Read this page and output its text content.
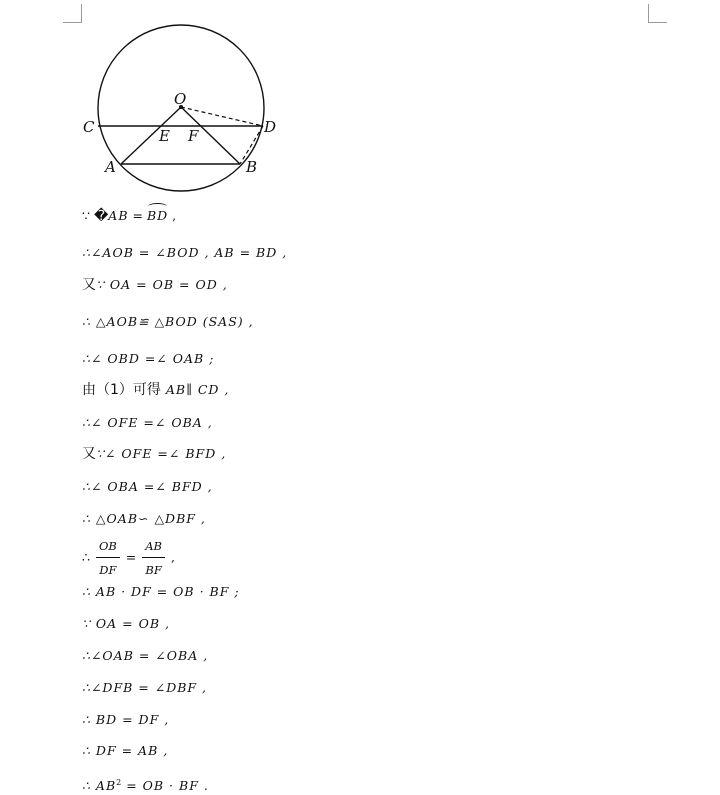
O
C	D
E F
A	B
∵ �AB = BD ,
∴∠AOB = ∠BOD , AB = BD ,
又∵ OA = OB = OD ,
∴ △AOB≌ △BOD (SAS) ,
∴∠ OBD =∠ OAB ;
由（1）可得 AB∥ CD ,
∴∠ OFE =∠ OBA ,
又∵∠ OFE =∠ BFD ,
∴∠ OBA =∠ BFD ,
∴ △OAB∽ △DBF ,
∴ $\frac{OB}{DF} = \frac{AB}{BF}$ ,
∴ AB · DF = OB · BF ;
∵ OA = OB ,
∴∠OAB = ∠OBA ,
∴∠DFB = ∠DBF ,
∴ BD = DF ,
∴ DF = AB ,
∴ $AB^2$ = OB · BF .
